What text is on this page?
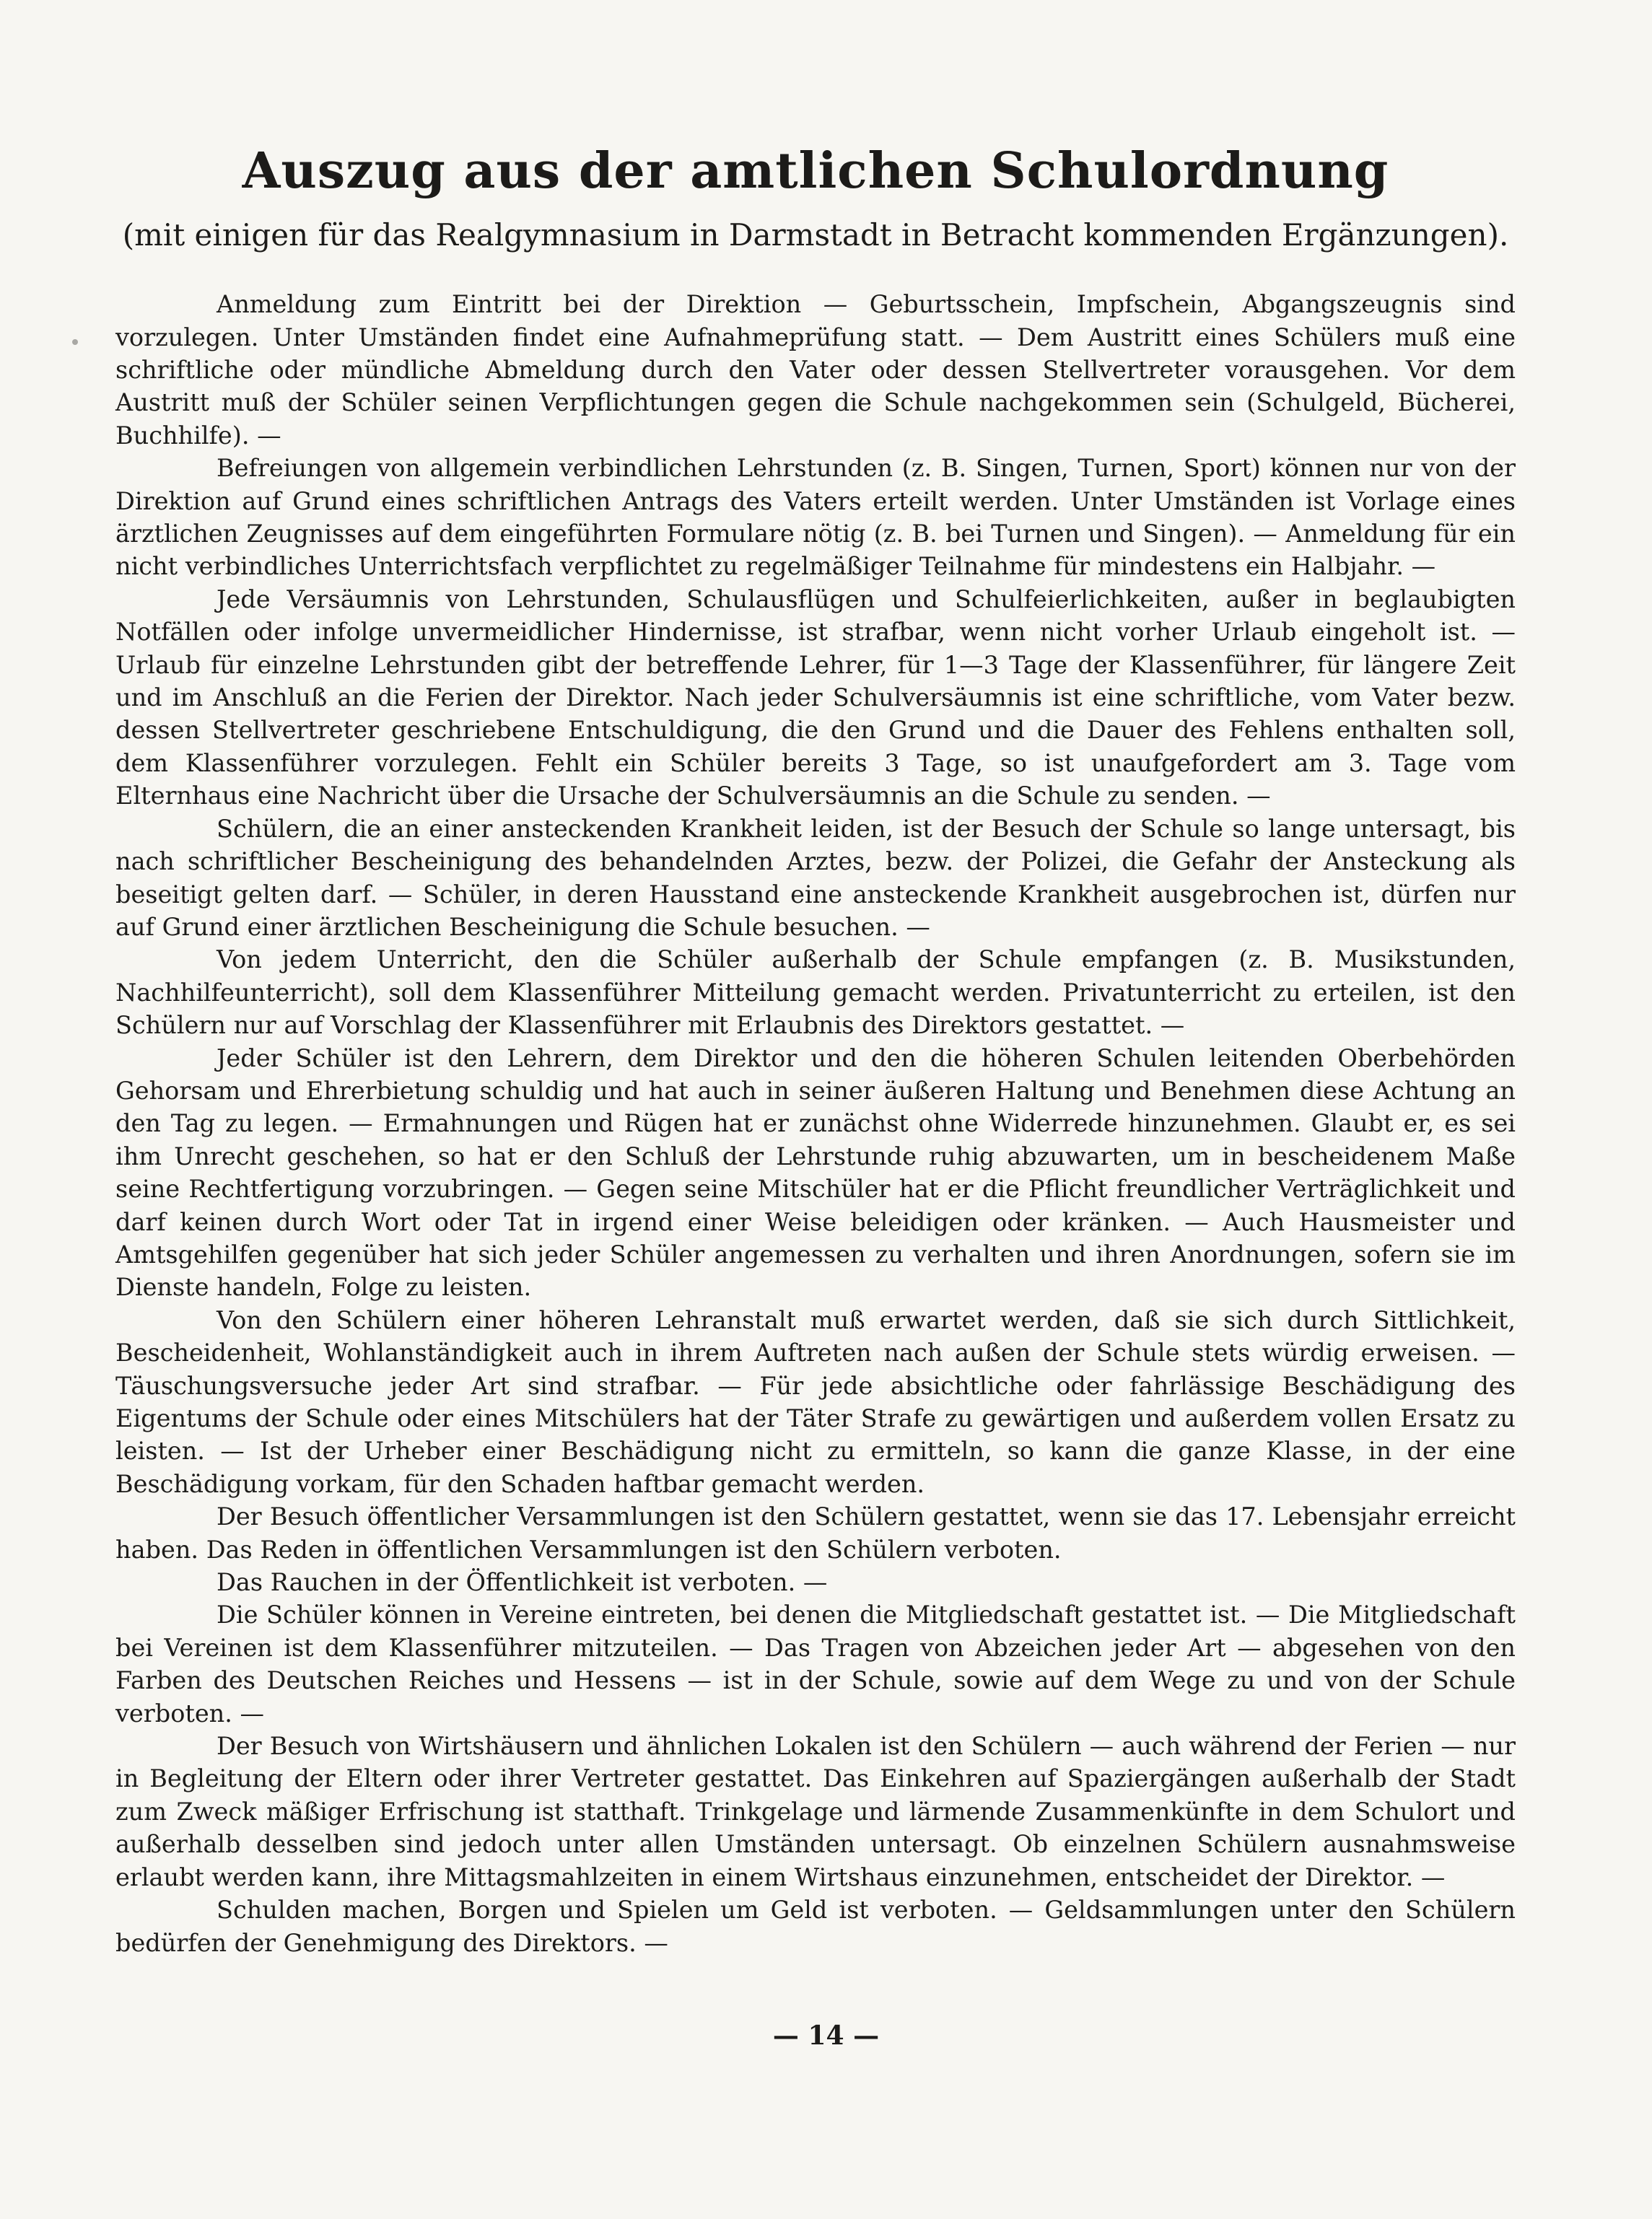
Auszug aus der amtlichen Schulordnung
(mit einigen für das Realgymnasium in Darmstadt in Betracht kommenden Ergänzungen).

Anmeldung zum Eintritt bei der Direktion — Geburtsschein, Impfschein, Abgangszeugnis sind vorzulegen. Unter Umständen findet eine Aufnahmeprüfung statt. — Dem Austritt eines Schülers muß eine schriftliche oder mündliche Abmeldung durch den Vater oder dessen Stellvertreter vorausgehen. Vor dem Austritt muß der Schüler seinen Verpflichtungen gegen die Schule nachgekommen sein (Schulgeld, Bücherei, Buchhilfe). —

Befreiungen von allgemein verbindlichen Lehrstunden (z. B. Singen, Turnen, Sport) können nur von der Direktion auf Grund eines schriftlichen Antrags des Vaters erteilt werden. Unter Umständen ist Vorlage eines ärztlichen Zeugnisses auf dem eingeführten Formulare nötig (z. B. bei Turnen und Singen). — Anmeldung für ein nicht verbindliches Unterrichtsfach verpflichtet zu regelmäßiger Teilnahme für mindestens ein Halbjahr. —

Jede Versäumnis von Lehrstunden, Schulausflügen und Schulfeierlichkeiten, außer in beglaubigten Notfällen oder infolge unvermeidlicher Hindernisse, ist strafbar, wenn nicht vorher Urlaub eingeholt ist. — Urlaub für einzelne Lehrstunden gibt der betreffende Lehrer, für 1—3 Tage der Klassenführer, für längere Zeit und im Anschluß an die Ferien der Direktor. Nach jeder Schulversäumnis ist eine schriftliche, vom Vater bezw. dessen Stellvertreter geschriebene Entschuldigung, die den Grund und die Dauer des Fehlens enthalten soll, dem Klassenführer vorzulegen. Fehlt ein Schüler bereits 3 Tage, so ist unaufgefordert am 3. Tage vom Elternhaus eine Nachricht über die Ursache der Schulversäumnis an die Schule zu senden. —

Schülern, die an einer ansteckenden Krankheit leiden, ist der Besuch der Schule so lange untersagt, bis nach schriftlicher Bescheinigung des behandelnden Arztes, bezw. der Polizei, die Gefahr der Ansteckung als beseitigt gelten darf. — Schüler, in deren Hausstand eine ansteckende Krankheit ausgebrochen ist, dürfen nur auf Grund einer ärztlichen Bescheinigung die Schule besuchen. —

Von jedem Unterricht, den die Schüler außerhalb der Schule empfangen (z. B. Musikstunden, Nachhilfeunterricht), soll dem Klassenführer Mitteilung gemacht werden. Privatunterricht zu erteilen, ist den Schülern nur auf Vorschlag der Klassenführer mit Erlaubnis des Direktors gestattet. —

Jeder Schüler ist den Lehrern, dem Direktor und den die höheren Schulen leitenden Oberbehörden Gehorsam und Ehrerbietung schuldig und hat auch in seiner äußeren Haltung und Benehmen diese Achtung an den Tag zu legen. — Ermahnungen und Rügen hat er zunächst ohne Widerrede hinzunehmen. Glaubt er, es sei ihm Unrecht geschehen, so hat er den Schluß der Lehrstunde ruhig abzuwarten, um in bescheidenem Maße seine Rechtfertigung vorzubringen. — Gegen seine Mitschüler hat er die Pflicht freundlicher Verträglichkeit und darf keinen durch Wort oder Tat in irgend einer Weise beleidigen oder kränken. — Auch Hausmeister und Amtsgehilfen gegenüber hat sich jeder Schüler angemessen zu verhalten und ihren Anordnungen, sofern sie im Dienste handeln, Folge zu leisten.

Von den Schülern einer höheren Lehranstalt muß erwartet werden, daß sie sich durch Sittlichkeit, Bescheidenheit, Wohlanständigkeit auch in ihrem Auftreten nach außen der Schule stets würdig erweisen. — Täuschungsversuche jeder Art sind strafbar. — Für jede absichtliche oder fahrlässige Beschädigung des Eigentums der Schule oder eines Mitschülers hat der Täter Strafe zu gewärtigen und außerdem vollen Ersatz zu leisten. — Ist der Urheber einer Beschädigung nicht zu ermitteln, so kann die ganze Klasse, in der eine Beschädigung vorkam, für den Schaden haftbar gemacht werden.

Der Besuch öffentlicher Versammlungen ist den Schülern gestattet, wenn sie das 17. Lebensjahr erreicht haben. Das Reden in öffentlichen Versammlungen ist den Schülern verboten.

Das Rauchen in der Öffentlichkeit ist verboten. —

Die Schüler können in Vereine eintreten, bei denen die Mitgliedschaft gestattet ist. — Die Mitgliedschaft bei Vereinen ist dem Klassenführer mitzuteilen. — Das Tragen von Abzeichen jeder Art — abgesehen von den Farben des Deutschen Reiches und Hessens — ist in der Schule, sowie auf dem Wege zu und von der Schule verboten. —

Der Besuch von Wirtshäusern und ähnlichen Lokalen ist den Schülern — auch während der Ferien — nur in Begleitung der Eltern oder ihrer Vertreter gestattet. Das Einkehren auf Spaziergängen außerhalb der Stadt zum Zweck mäßiger Erfrischung ist statthaft. Trinkgelage und lärmende Zusammenkünfte in dem Schulort und außerhalb desselben sind jedoch unter allen Umständen untersagt. Ob einzelnen Schülern ausnahmsweise erlaubt werden kann, ihre Mittagsmahlzeiten in einem Wirtshaus einzunehmen, entscheidet der Direktor. —

Schulden machen, Borgen und Spielen um Geld ist verboten. — Geldsammlungen unter den Schülern bedürfen der Genehmigung des Direktors. —

— 14 —
